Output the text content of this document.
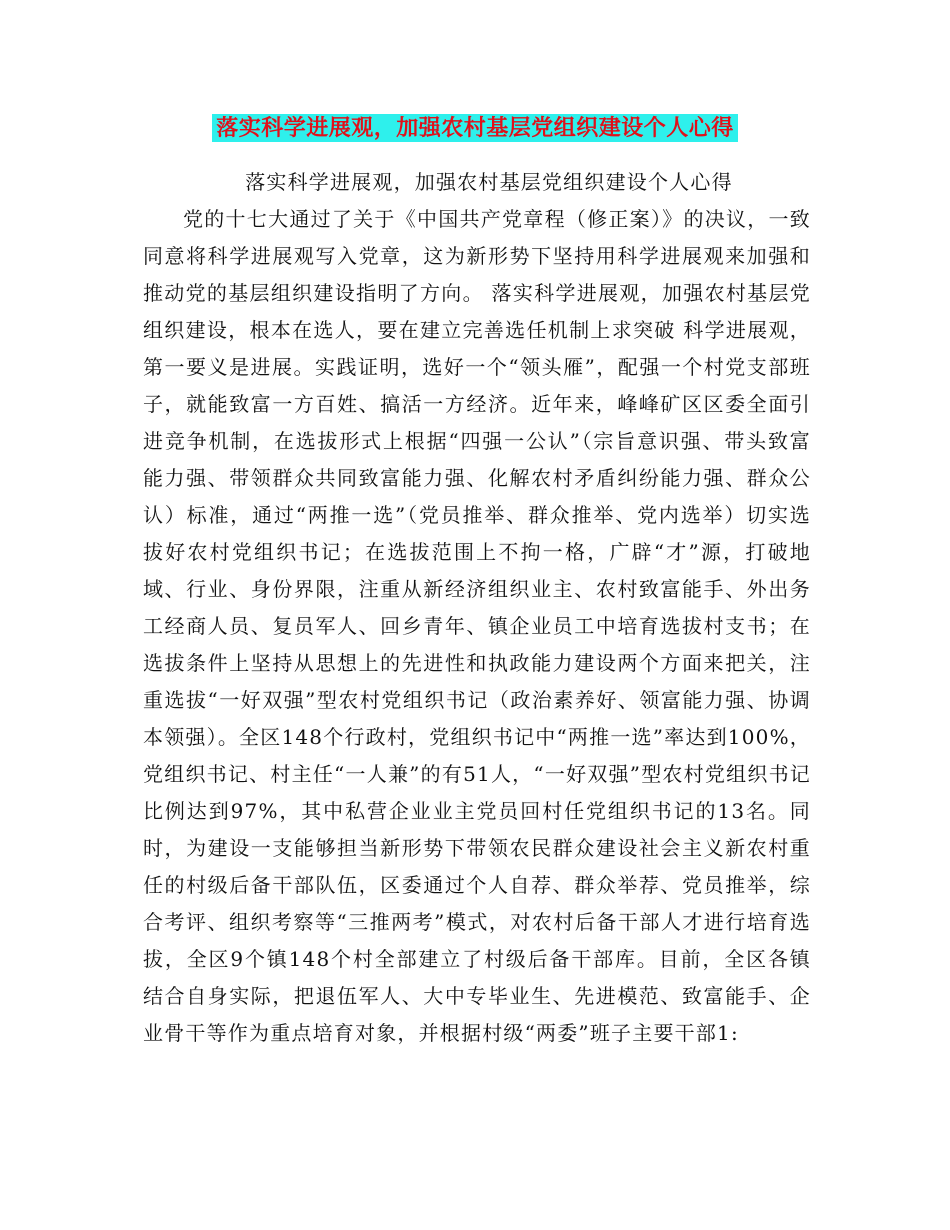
落实科学进展观，加强农村基层党组织建设个人心得

落实科学进展观，加强农村基层党组织建设个人心得

党的十七大通过了关于《中国共产党章程（修正案）》的决议，一致同意将科学进展观写入党章，这为新形势下坚持用科学进展观来加强和推动党的基层组织建设指明了方向。 落实科学进展观，加强农村基层党组织建设，根本在选人，要在建立完善选任机制上求突破 科学进展观，第一要义是进展。实践证明，选好一个“领头雁”，配强一个村党支部班子，就能致富一方百姓、搞活一方经济。近年来，峰峰矿区区委全面引进竞争机制，在选拔形式上根据“四强一公认”（宗旨意识强、带头致富能力强、带领群众共同致富能力强、化解农村矛盾纠纷能力强、群众公认）标准，通过“两推一选”（党员推举、群众推举、党内选举）切实选拔好农村党组织书记；在选拔范围上不拘一格，广辟“才”源，打破地域、行业、身份界限，注重从新经济组织业主、农村致富能手、外出务工经商人员、复员军人、回乡青年、镇企业员工中培育选拔村支书；在选拔条件上坚持从思想上的先进性和执政能力建设两个方面来把关，注重选拔“一好双强”型农村党组织书记（政治素养好、领富能力强、协调本领强）。全区148个行政村，党组织书记中“两推一选”率达到100%，党组织书记、村主任“一人兼”的有51人，“一好双强”型农村党组织书记比例达到97%，其中私营企业业主党员回村任党组织书记的13名。同时，为建设一支能够担当新形势下带领农民群众建设社会主义新农村重任的村级后备干部队伍，区委通过个人自荐、群众举荐、党员推举，综合考评、组织考察等“三推两考”模式，对农村后备干部人才进行培育选拔，全区9个镇148个村全部建立了村级后备干部库。目前，全区各镇结合自身实际，把退伍军人、大中专毕业生、先进模范、致富能手、企业骨干等作为重点培育对象，并根据村级“两委”班子主要干部1:
